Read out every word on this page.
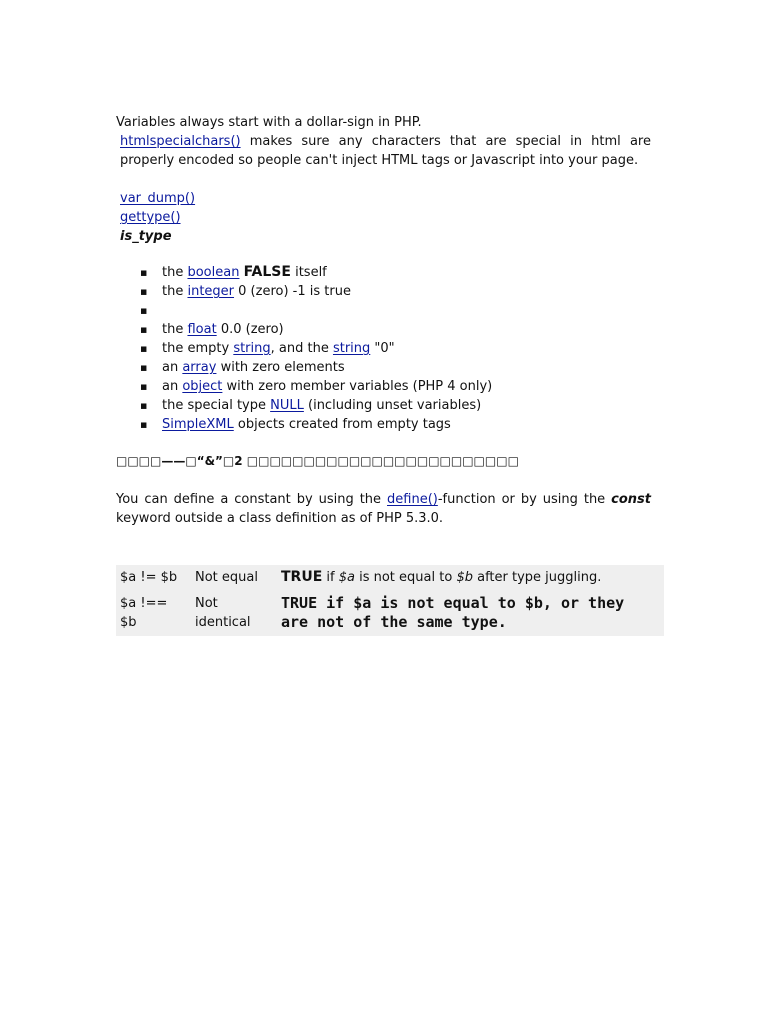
Variables always start with a dollar-sign in PHP.

htmlspecialchars() makes sure any characters that are special in html are properly encoded so people can't inject HTML tags or Javascript into your page.

var_dump()
gettype()
is_type
▪ the boolean FALSE itself
▪ the integer 0 (zero) -1 is true
▪
▪ the float 0.0 (zero)
▪ the empty string, and the string "0"
▪ an array with zero elements
▪ an object with zero member variables (PHP 4 only)
▪ the special type NULL (including unset variables)
▪ SimpleXML objects created from empty tags

□□□□——□“&”□2 □□□□□□□□□□□□□□□□□□□□□□□□

You can define a constant by using the define()-function or by using the const keyword outside a class definition as of PHP 5.3.0.

$a != $b	Not equal	TRUE if $a is not equal to $b after type juggling.
$a !== $b	Not identical	TRUE if $a is not equal to $b, or they are not of the same type.
